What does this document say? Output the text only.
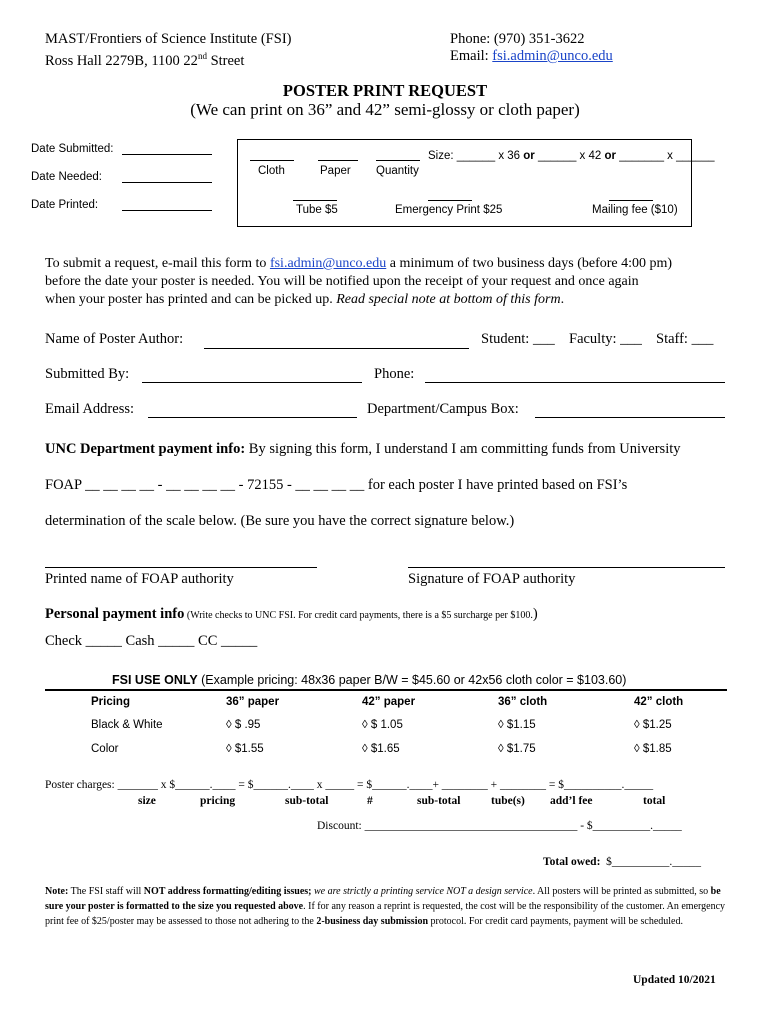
MAST/Frontiers of Science Institute (FSI)
Ross Hall 2279B, 1100 22nd Street
Phone: (970) 351-3622
Email: fsi.admin@unco.edu
POSTER PRINT REQUEST
(We can print on 36” and 42” semi-glossy or cloth paper)
Date Submitted:
Date Needed:
Date Printed:
Size: ______ x 36 or ______ x 42 or _______ x ______
Cloth	Paper Quantity
Tube $5	Emergency Print $25	Mailing fee ($10)
To submit a request, e-mail this form to fsi.admin@unco.edu a minimum of two business days (before 4:00 pm)
before the date your poster is needed. You will be notified upon the receipt of your request and once again
when your poster has printed and can be picked up. Read special note at bottom of this form.
Name of Poster Author:	Student: ___ Faculty: ___ Staff: ___
Submitted By:	Phone:
Email Address:	Department/Campus Box:
UNC Department payment info: By signing this form, I understand I am committing funds from University
FOAP __ __ __ __ - __ __ __ __ - 72155 - __ __ __ __ for each poster I have printed based on FSI’s
determination of the scale below. (Be sure you have the correct signature below.)
Printed name of FOAP authority	Signature of FOAP authority
Personal payment info (Write checks to UNC FSI. For credit card payments, there is a $5 surcharge per $100.)
Check _____ Cash _____ CC _____
FSI USE ONLY (Example pricing: 48x36 paper B/W = $45.60 or 42x56 cloth color = $103.60)
Pricing	36” paper	42” paper	36” cloth	42” cloth
Black & White	◊ $ .95	◊ $ 1.05	◊ $1.15	◊ $1.25
Color	◊ $1.55	◊ $1.65	◊ $1.75	◊ $1.85
Poster charges: _______ x $______.____ = $______.____ x _____ = $______.____+ ________ + ________ = $__________._____
size	pricing	sub-total	#	sub-total	tube(s) add’l fee	total
Discount: _____________________________________ - $__________._____
Total owed: $__________._____
Note: The FSI staff will NOT address formatting/editing issues; we are strictly a printing service NOT a design service. All posters will be printed as submitted, so be sure your poster is formatted to the size you requested above. If for any reason a reprint is requested, the cost will be the responsibility of the customer. An emergency print fee of $25/poster may be assessed to those not adhering to the 2-business day submission protocol. For credit card payments, payment will be scheduled.
Updated 10/2021
